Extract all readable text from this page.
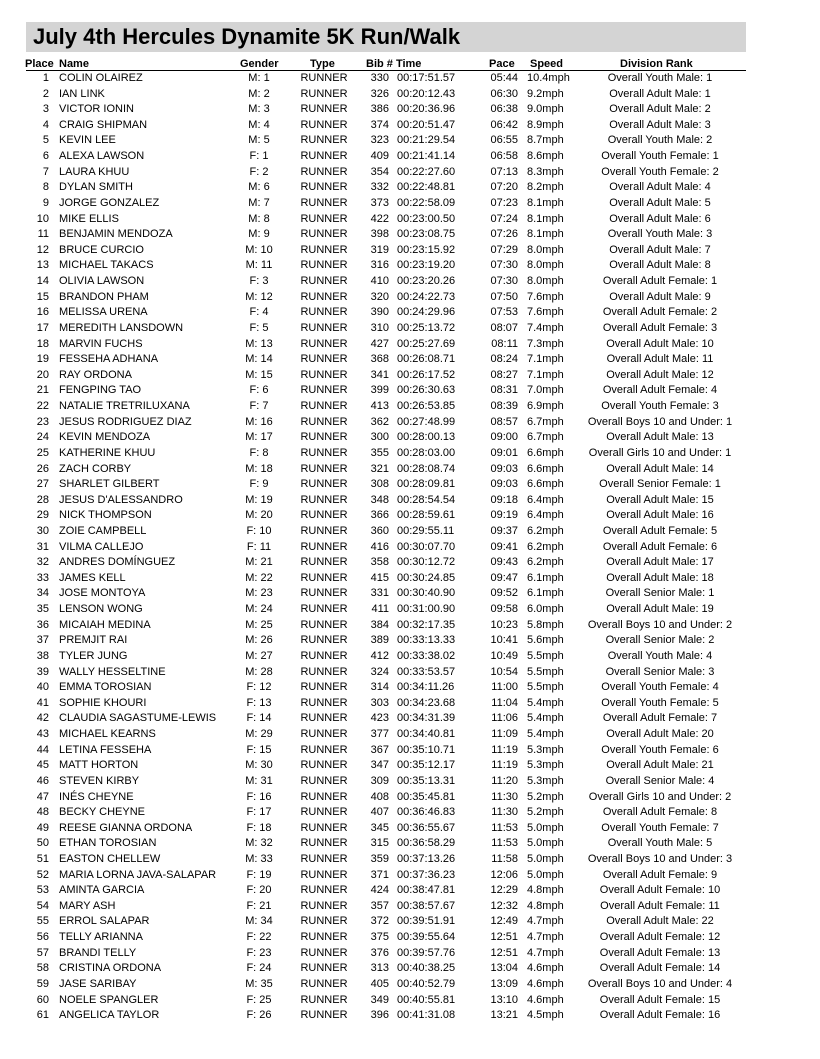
July 4th Hercules Dynamite 5K Run/Walk
Place Name	Gender	Type	Bib # Time	Pace Speed	Division Rank
1 COLIN OLAIREZ	M: 1	RUNNER	330 00:17:51.57	05:44 10.4mph	Overall Youth Male: 1
2 IAN LINK	M: 2	RUNNER	326 00:20:12.43	06:30 9.2mph	Overall Adult Male: 1
3 VICTOR IONIN	M: 3	RUNNER	386 00:20:36.96	06:38 9.0mph	Overall Adult Male: 2
4 CRAIG SHIPMAN	M: 4	RUNNER	374 00:20:51.47	06:42 8.9mph	Overall Adult Male: 3
5 KEVIN LEE	M: 5	RUNNER	323 00:21:29.54	06:55 8.7mph	Overall Youth Male: 2
6 ALEXA LAWSON	F: 1	RUNNER	409 00:21:41.14	06:58 8.6mph	Overall Youth Female: 1
7 LAURA KHUU	F: 2	RUNNER	354 00:22:27.60	07:13 8.3mph	Overall Youth Female: 2
8 DYLAN SMITH	M: 6	RUNNER	332 00:22:48.81	07:20 8.2mph	Overall Adult Male: 4
9 JORGE GONZALEZ	M: 7	RUNNER	373 00:22:58.09	07:23 8.1mph	Overall Adult Male: 5
10 MIKE ELLIS	M: 8	RUNNER	422 00:23:00.50	07:24 8.1mph	Overall Adult Male: 6
11 BENJAMIN MENDOZA	M: 9	RUNNER	398 00:23:08.75	07:26 8.1mph	Overall Youth Male: 3
12 BRUCE CURCIO	M: 10	RUNNER	319 00:23:15.92	07:29 8.0mph	Overall Adult Male: 7
13 MICHAEL TAKACS	M: 11	RUNNER	316 00:23:19.20	07:30 8.0mph	Overall Adult Male: 8
14 OLIVIA LAWSON	F: 3	RUNNER	410 00:23:20.26	07:30 8.0mph	Overall Adult Female: 1
15 BRANDON PHAM	M: 12	RUNNER	320 00:24:22.73	07:50 7.6mph	Overall Adult Male: 9
16 MELISSA URENA	F: 4	RUNNER	390 00:24:29.96	07:53 7.6mph	Overall Adult Female: 2
17 MEREDITH LANSDOWN	F: 5	RUNNER	310 00:25:13.72	08:07 7.4mph	Overall Adult Female: 3
18 MARVIN FUCHS	M: 13	RUNNER	427 00:25:27.69	08:11 7.3mph	Overall Adult Male: 10
19 FESSEHA ADHANA	M: 14	RUNNER	368 00:26:08.71	08:24 7.1mph	Overall Adult Male: 11
20 RAY ORDONA	M: 15	RUNNER	341 00:26:17.52	08:27 7.1mph	Overall Adult Male: 12
21 FENGPING TAO	F: 6	RUNNER	399 00:26:30.63	08:31 7.0mph	Overall Adult Female: 4
22 NATALIE TRETRILUXANA	F: 7	RUNNER	413 00:26:53.85	08:39 6.9mph	Overall Youth Female: 3
23 JESUS RODRIGUEZ DIAZ	M: 16	RUNNER	362 00:27:48.99	08:57 6.7mph	Overall Boys 10 and Under: 1
24 KEVIN MENDOZA	M: 17	RUNNER	300 00:28:00.13	09:00 6.7mph	Overall Adult Male: 13
25 KATHERINE KHUU	F: 8	RUNNER	355 00:28:03.00	09:01 6.6mph	Overall Girls 10 and Under: 1
26 ZACH CORBY	M: 18	RUNNER	321 00:28:08.74	09:03 6.6mph	Overall Adult Male: 14
27 SHARLET GILBERT	F: 9	RUNNER	308 00:28:09.81	09:03 6.6mph	Overall Senior Female: 1
28 JESUS D'ALESSANDRO	M: 19	RUNNER	348 00:28:54.54	09:18 6.4mph	Overall Adult Male: 15
29 NICK THOMPSON	M: 20	RUNNER	366 00:28:59.61	09:19 6.4mph	Overall Adult Male: 16
30 ZOIE CAMPBELL	F: 10	RUNNER	360 00:29:55.11	09:37 6.2mph	Overall Adult Female: 5
31 VILMA CALLEJO	F: 11	RUNNER	416 00:30:07.70	09:41 6.2mph	Overall Adult Female: 6
32 ANDRES DOMÍNGUEZ	M: 21	RUNNER	358 00:30:12.72	09:43 6.2mph	Overall Adult Male: 17
33 JAMES KELL	M: 22	RUNNER	415 00:30:24.85	09:47 6.1mph	Overall Adult Male: 18
34 JOSE MONTOYA	M: 23	RUNNER	331 00:30:40.90	09:52 6.1mph	Overall Senior Male: 1
35 LENSON WONG	M: 24	RUNNER	411 00:31:00.90	09:58 6.0mph	Overall Adult Male: 19
36 MICAIAH MEDINA	M: 25	RUNNER	384 00:32:17.35	10:23 5.8mph	Overall Boys 10 and Under: 2
37 PREMJIT RAI	M: 26	RUNNER	389 00:33:13.33	10:41 5.6mph	Overall Senior Male: 2
38 TYLER JUNG	M: 27	RUNNER	412 00:33:38.02	10:49 5.5mph	Overall Youth Male: 4
39 WALLY HESSELTINE	M: 28	RUNNER	324 00:33:53.57	10:54 5.5mph	Overall Senior Male: 3
40 EMMA TOROSIAN	F: 12	RUNNER	314 00:34:11.26	11:00 5.5mph	Overall Youth Female: 4
41 SOPHIE KHOURI	F: 13	RUNNER	303 00:34:23.68	11:04 5.4mph	Overall Youth Female: 5
42 CLAUDIA SAGASTUME-LEWIS	F: 14	RUNNER	423 00:34:31.39	11:06 5.4mph	Overall Adult Female: 7
43 MICHAEL KEARNS	M: 29	RUNNER	377 00:34:40.81	11:09 5.4mph	Overall Adult Male: 20
44 LETINA FESSEHA	F: 15	RUNNER	367 00:35:10.71	11:19 5.3mph	Overall Youth Female: 6
45 MATT HORTON	M: 30	RUNNER	347 00:35:12.17	11:19 5.3mph	Overall Adult Male: 21
46 STEVEN KIRBY	M: 31	RUNNER	309 00:35:13.31	11:20 5.3mph	Overall Senior Male: 4
47 INÉS CHEYNE	F: 16	RUNNER	408 00:35:45.81	11:30 5.2mph	Overall Girls 10 and Under: 2
48 BECKY CHEYNE	F: 17	RUNNER	407 00:36:46.83	11:30 5.2mph	Overall Adult Female: 8
49 REESE GIANNA ORDONA	F: 18	RUNNER	345 00:36:55.67	11:53 5.0mph	Overall Youth Female: 7
50 ETHAN TOROSIAN	M: 32	RUNNER	315 00:36:58.29	11:53 5.0mph	Overall Youth Male: 5
51 EASTON CHELLEW	M: 33	RUNNER	359 00:37:13.26	11:58 5.0mph	Overall Boys 10 and Under: 3
52 MARIA LORNA JAVA-SALAPAR	F: 19	RUNNER	371 00:37:36.23	12:06 5.0mph	Overall Adult Female: 9
53 AMINTA GARCIA	F: 20	RUNNER	424 00:38:47.81	12:29 4.8mph	Overall Adult Female: 10
54 MARY ASH	F: 21	RUNNER	357 00:38:57.67	12:32 4.8mph	Overall Adult Female: 11
55 ERROL SALAPAR	M: 34	RUNNER	372 00:39:51.91	12:49 4.7mph	Overall Adult Male: 22
56 TELLY ARIANNA	F: 22	RUNNER	375 00:39:55.64	12:51 4.7mph	Overall Adult Female: 12
57 BRANDI TELLY	F: 23	RUNNER	376 00:39:57.76	12:51 4.7mph	Overall Adult Female: 13
58 CRISTINA ORDONA	F: 24	RUNNER	313 00:40:38.25	13:04 4.6mph	Overall Adult Female: 14
59 JASE SARIBAY	M: 35	RUNNER	405 00:40:52.79	13:09 4.6mph	Overall Boys 10 and Under: 4
60 NOELE SPANGLER	F: 25	RUNNER	349 00:40:55.81	13:10 4.6mph	Overall Adult Female: 15
61 ANGELICA TAYLOR	F: 26	RUNNER	396 00:41:31.08	13:21 4.5mph	Overall Adult Female: 16
